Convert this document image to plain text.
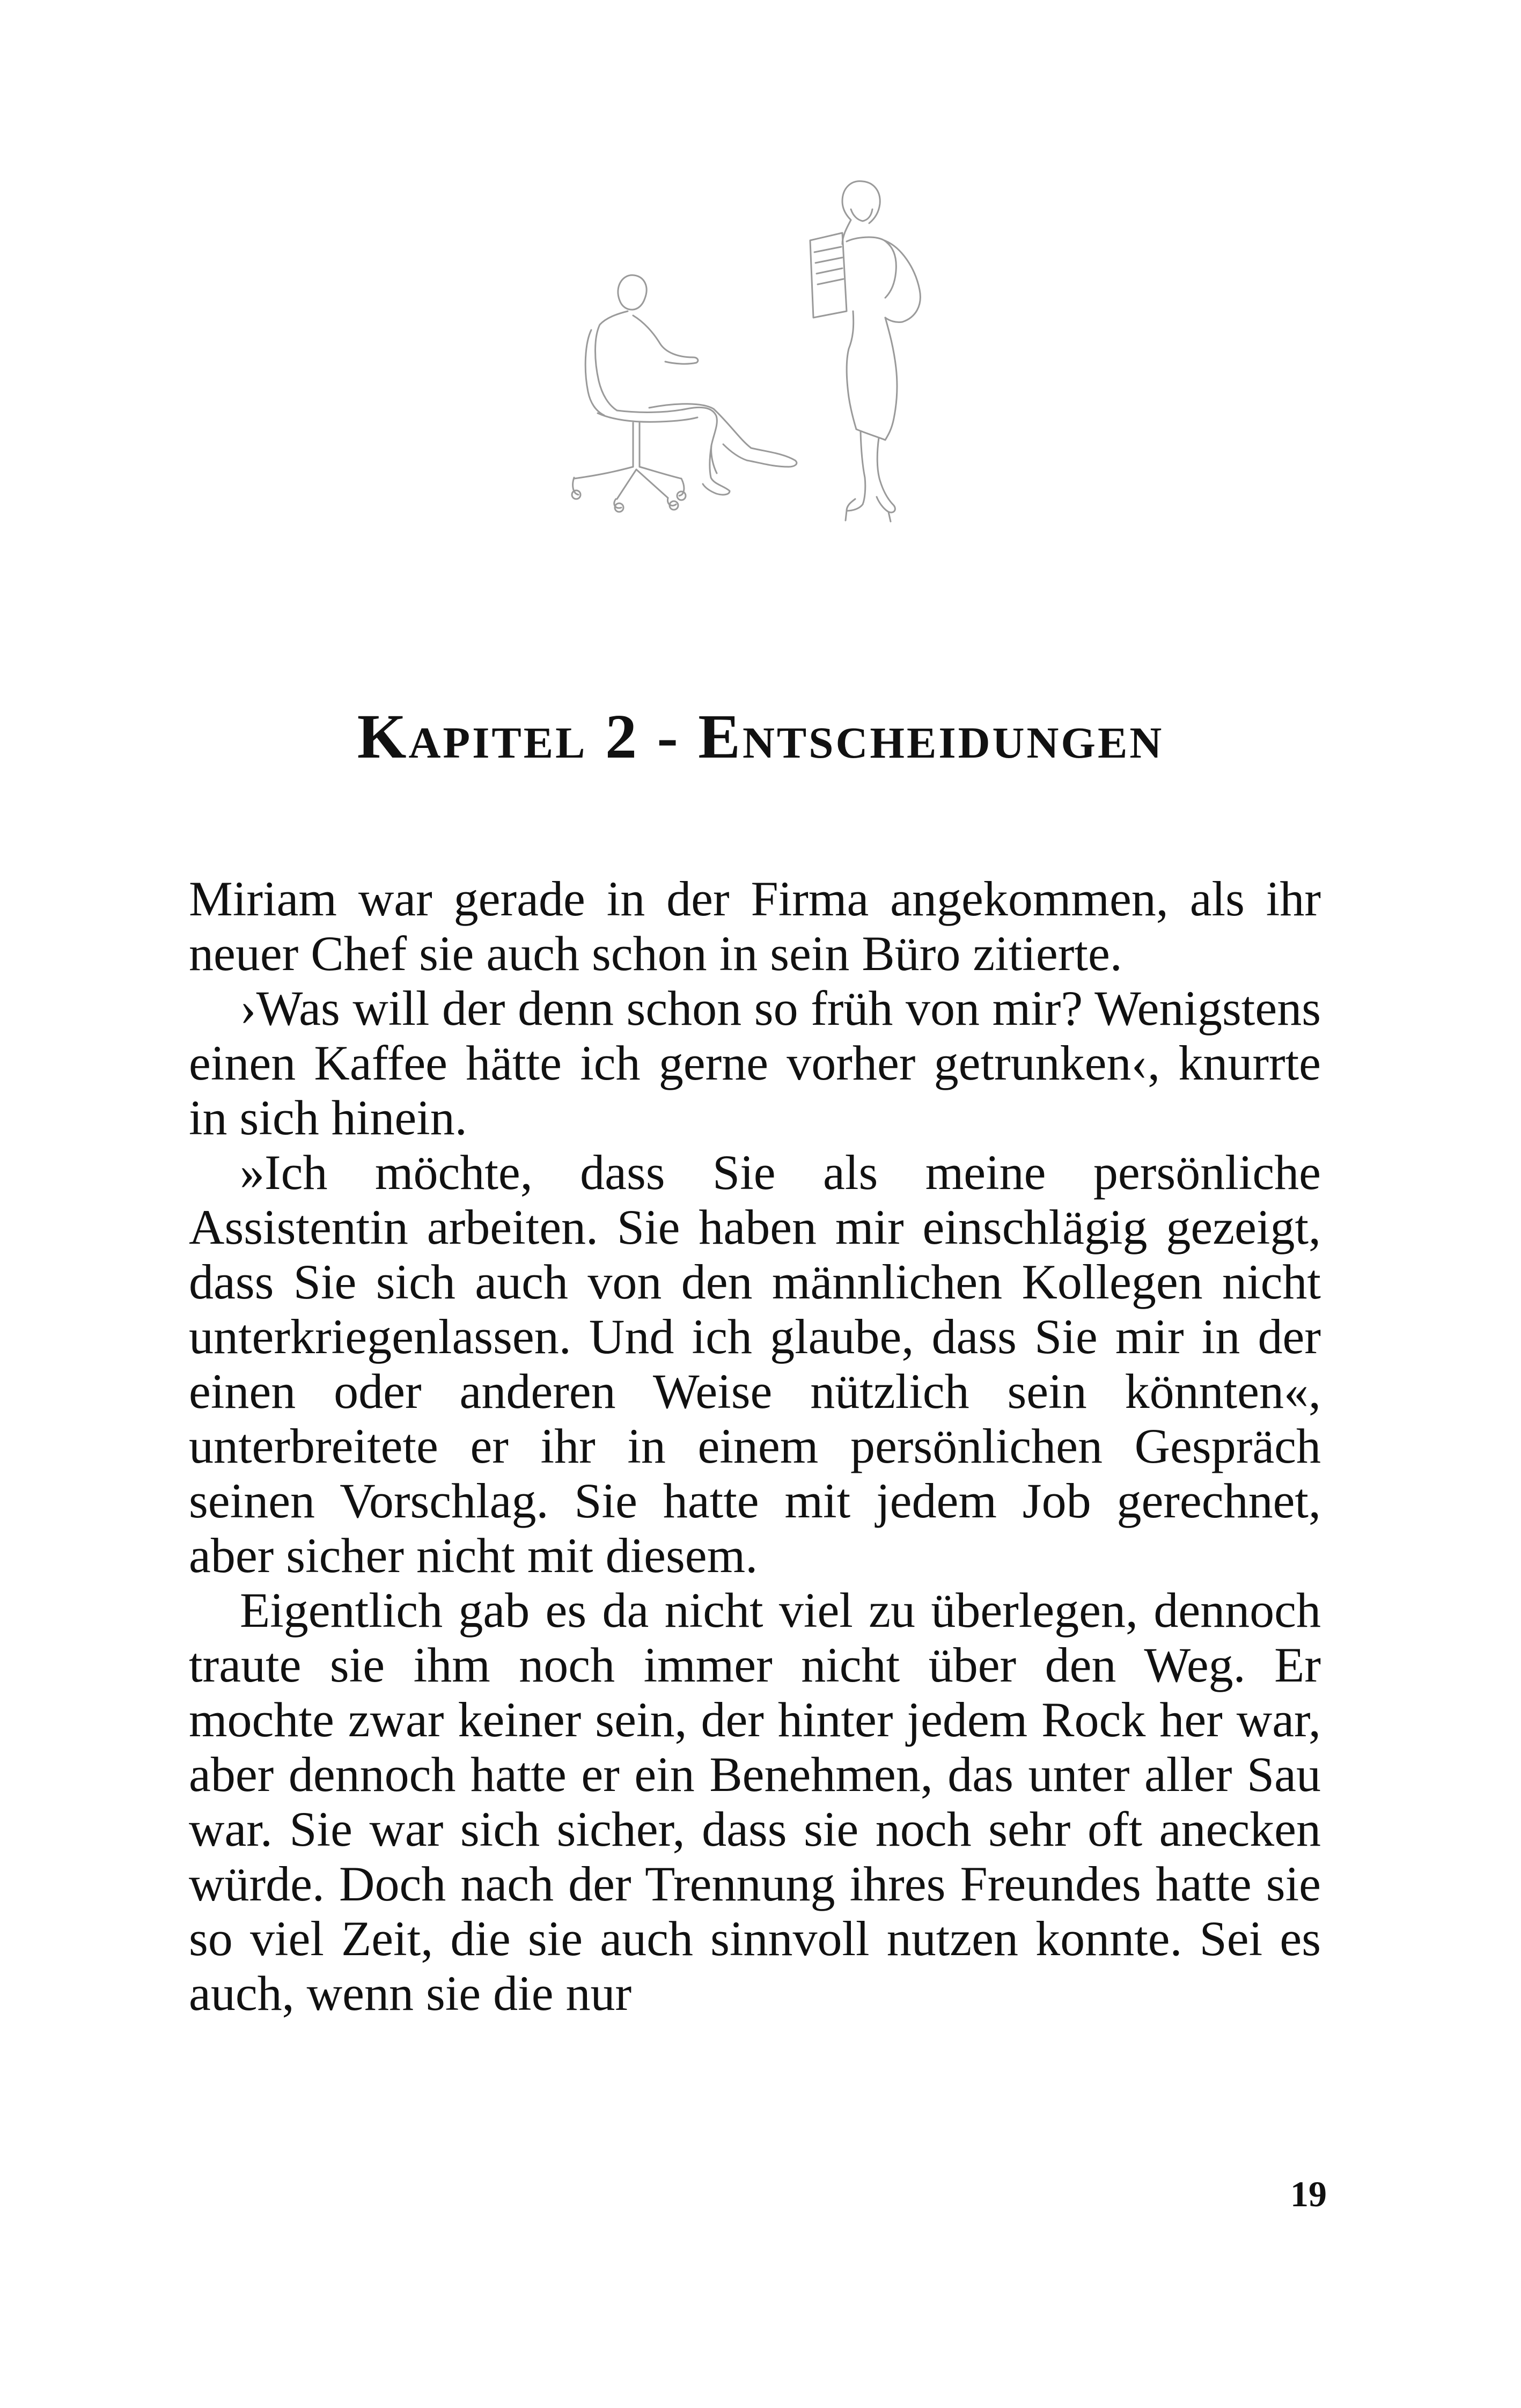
Kapitel 2 - Entscheidungen

Miriam war gerade in der Firma angekommen, als ihr neuer Chef sie auch schon in sein Büro zitierte.

›Was will der denn schon so früh von mir? Wenigstens einen Kaffee hätte ich gerne vorher getrunken‹, knurrte in sich hinein.

»Ich möchte, dass Sie als meine persönliche Assistentin arbeiten. Sie haben mir einschlägig gezeigt, dass Sie sich auch von den männlichen Kollegen nicht unterkriegenlassen. Und ich glaube, dass Sie mir in der einen oder anderen Weise nützlich sein könnten«, unterbreitete er ihr in einem persönlichen Gespräch seinen Vorschlag. Sie hatte mit jedem Job gerechnet, aber sicher nicht mit diesem.

Eigentlich gab es da nicht viel zu überlegen, dennoch traute sie ihm noch immer nicht über den Weg. Er mochte zwar keiner sein, der hinter jedem Rock her war, aber dennoch hatte er ein Benehmen, das unter aller Sau war. Sie war sich sicher, dass sie noch sehr oft anecken würde. Doch nach der Trennung ihres Freundes hatte sie so viel Zeit, die sie auch sinnvoll nutzen konnte. Sei es auch, wenn sie die nur

19
